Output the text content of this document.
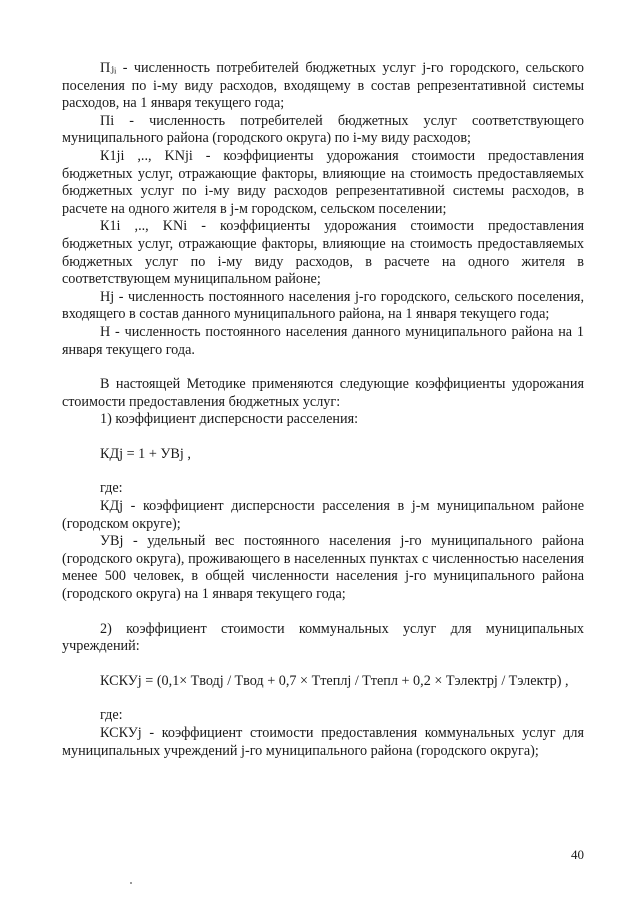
Пⱼᵢ - численность потребителей бюджетных услуг j-го городского, сельского поселения по i-му виду расходов, входящему в состав репрезентативной системы расходов, на 1 января текущего года;

Пi - численность потребителей бюджетных услуг соответствующего муниципального района (городского округа) по i-му виду расходов;

К1ji ,.., KNji - коэффициенты удорожания стоимости предоставления бюджетных услуг, отражающие факторы, влияющие на стоимость предоставляемых бюджетных услуг по i-му виду расходов репрезентативной системы расходов, в расчете на одного жителя в j-м городском, сельском поселении;

К1i ,.., KNi - коэффициенты удорожания стоимости предоставления бюджетных услуг, отражающие факторы, влияющие на стоимость предоставляемых бюджетных услуг по i-му виду расходов, в расчете на одного жителя в соответствующем муниципальном районе;

Нj - численность постоянного населения j-го городского, сельского поселения, входящего в состав данного муниципального района, на 1 января текущего года;

Н - численность постоянного населения данного муниципального района на 1 января текущего года.

В настоящей Методике применяются следующие коэффициенты удорожания стоимости предоставления бюджетных услуг:

1) коэффициент дисперсности расселения:

КДj = 1 + УВj ,

где:

КДj - коэффициент дисперсности расселения в j-м муниципальном районе (городском округе);

УВj - удельный вес постоянного населения j-го муниципального района (городского округа), проживающего в населенных пунктах с численностью населения менее 500 человек, в общей численности населения j-го муниципального района (городского округа) на 1 января текущего года;

2) коэффициент стоимости коммунальных услуг для муниципальных учреждений:

КСКУj = (0,1× Tводj / Tвод + 0,7 × Tтеплj / Tтепл + 0,2 × Tэлектрj / Tэлектр) ,

где:

КСКУj - коэффициент стоимости предоставления коммунальных услуг для муниципальных учреждений j-го муниципального района (городского округа);

40
